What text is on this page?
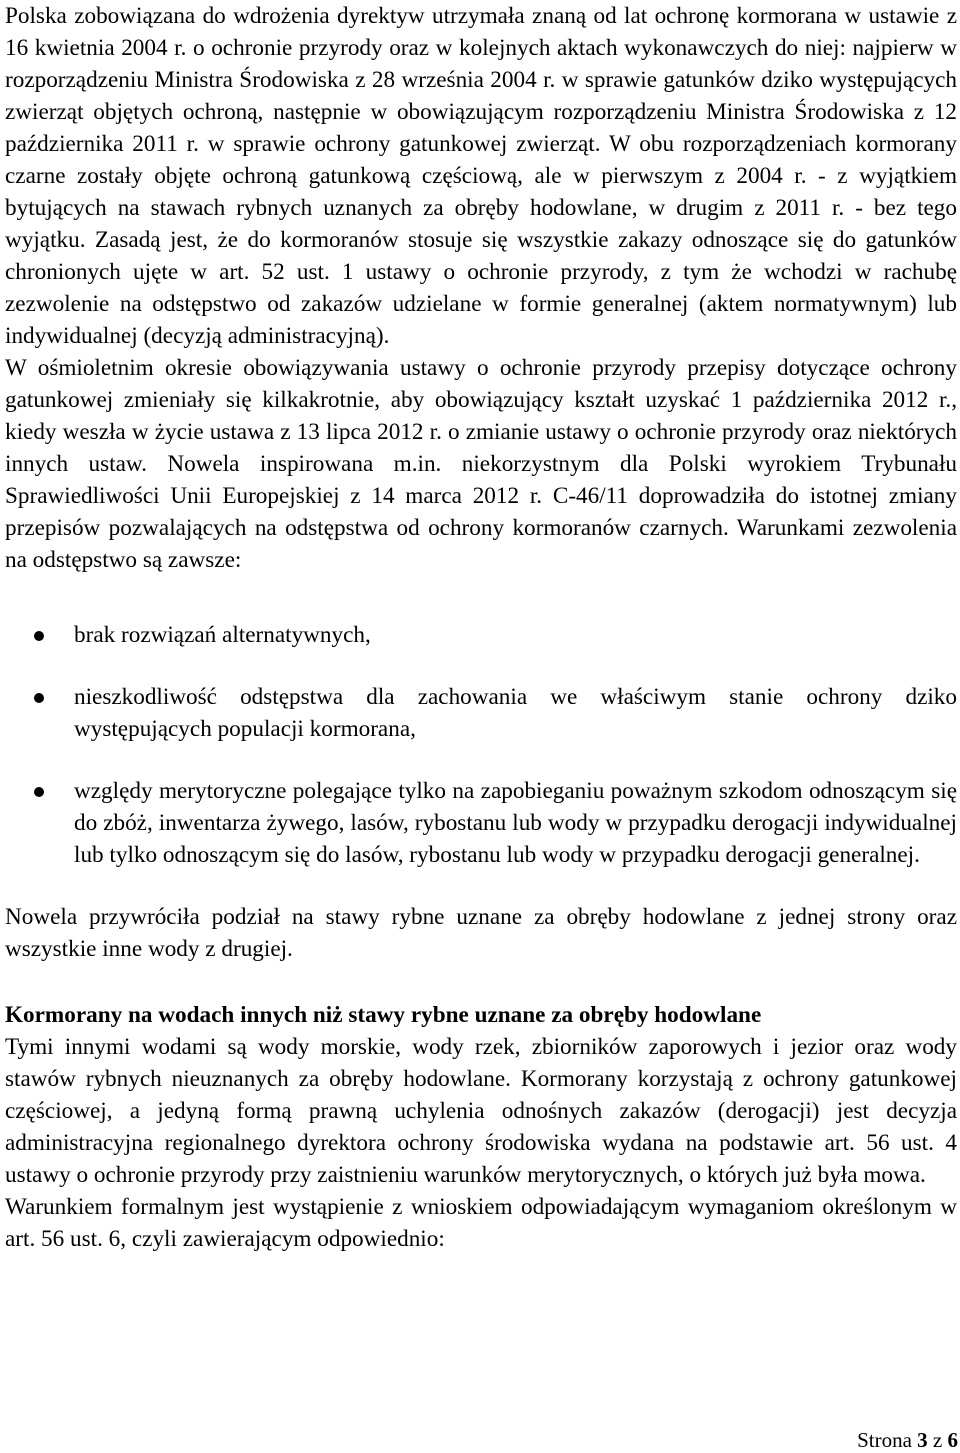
Polska zobowiązana do wdrożenia dyrektyw utrzymała znaną od lat ochronę kormorana w ustawie z 16 kwietnia 2004 r. o ochronie przyrody oraz w kolejnych aktach wykonawczych do niej: najpierw w rozporządzeniu Ministra Środowiska z 28 września 2004 r. w sprawie gatunków dziko występujących zwierząt objętych ochroną, następnie w obowiązującym rozporządzeniu Ministra Środowiska z 12 października 2011 r. w sprawie ochrony gatunkowej zwierząt. W obu rozporządzeniach kormorany czarne zostały objęte ochroną gatunkową częściową, ale w pierwszym z 2004 r. - z wyjątkiem bytujących na stawach rybnych uznanych za obręby hodowlane, w drugim z 2011 r. - bez tego wyjątku. Zasadą jest, że do kormoranów stosuje się wszystkie zakazy odnoszące się do gatunków chronionych ujęte w art. 52 ust. 1 ustawy o ochronie przyrody, z tym że wchodzi w rachubę zezwolenie na odstępstwo od zakazów udzielane w formie generalnej (aktem normatywnym) lub indywidualnej (decyzją administracyjną).

W ośmioletnim okresie obowiązywania ustawy o ochronie przyrody przepisy dotyczące ochrony gatunkowej zmieniały się kilkakrotnie, aby obowiązujący kształt uzyskać 1 października 2012 r., kiedy weszła w życie ustawa z 13 lipca 2012 r. o zmianie ustawy o ochronie przyrody oraz niektórych innych ustaw. Nowela inspirowana m.in. niekorzystnym dla Polski wyrokiem Trybunału Sprawiedliwości Unii Europejskiej z 14 marca 2012 r. C-46/11 doprowadziła do istotnej zmiany przepisów pozwalających na odstępstwa od ochrony kormoranów czarnych. Warunkami zezwolenia na odstępstwo są zawsze:

brak rozwiązań alternatywnych,
nieszkodliwość odstępstwa dla zachowania we właściwym stanie ochrony dziko występujących populacji kormorana,
względy merytoryczne polegające tylko na zapobieganiu poważnym szkodom odnoszącym się do zbóż, inwentarza żywego, lasów, rybostanu lub wody w przypadku derogacji indywidualnej lub tylko odnoszącym się do lasów, rybostanu lub wody w przypadku derogacji generalnej.

Nowela przywróciła podział na stawy rybne uznane za obręby hodowlane z jednej strony oraz wszystkie inne wody z drugiej.

Kormorany na wodach innych niż stawy rybne uznane za obręby hodowlane

Tymi innymi wodami są wody morskie, wody rzek, zbiorników zaporowych i jezior oraz wody stawów rybnych nieuznanych za obręby hodowlane. Kormorany korzystają z ochrony gatunkowej częściowej, a jedyną formą prawną uchylenia odnośnych zakazów (derogacji) jest decyzja administracyjna regionalnego dyrektora ochrony środowiska wydana na podstawie art. 56 ust. 4 ustawy o ochronie przyrody przy zaistnieniu warunków merytorycznych, o których już była mowa.

Warunkiem formalnym jest wystąpienie z wnioskiem odpowiadającym wymaganiom określonym w art. 56 ust. 6, czyli zawierającym odpowiednio:

Strona 3 z 6
